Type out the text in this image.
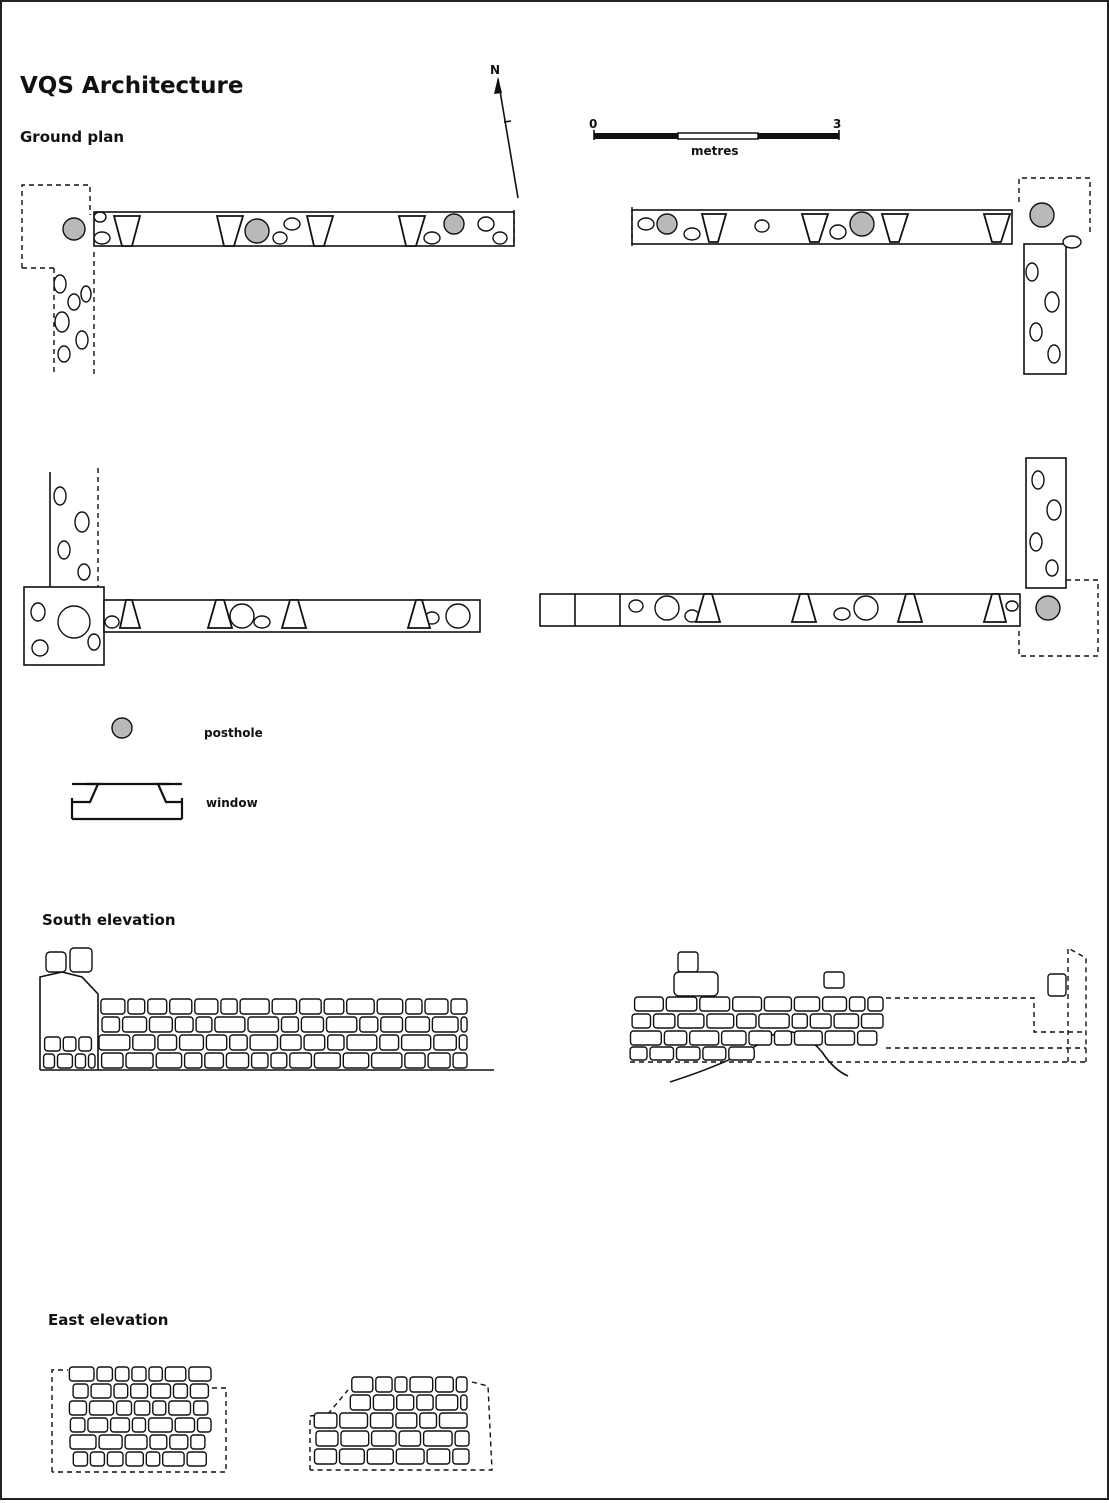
VQS Architecture
Ground plan
South elevation
East elevation
N
0	3
metres
posthole
window
